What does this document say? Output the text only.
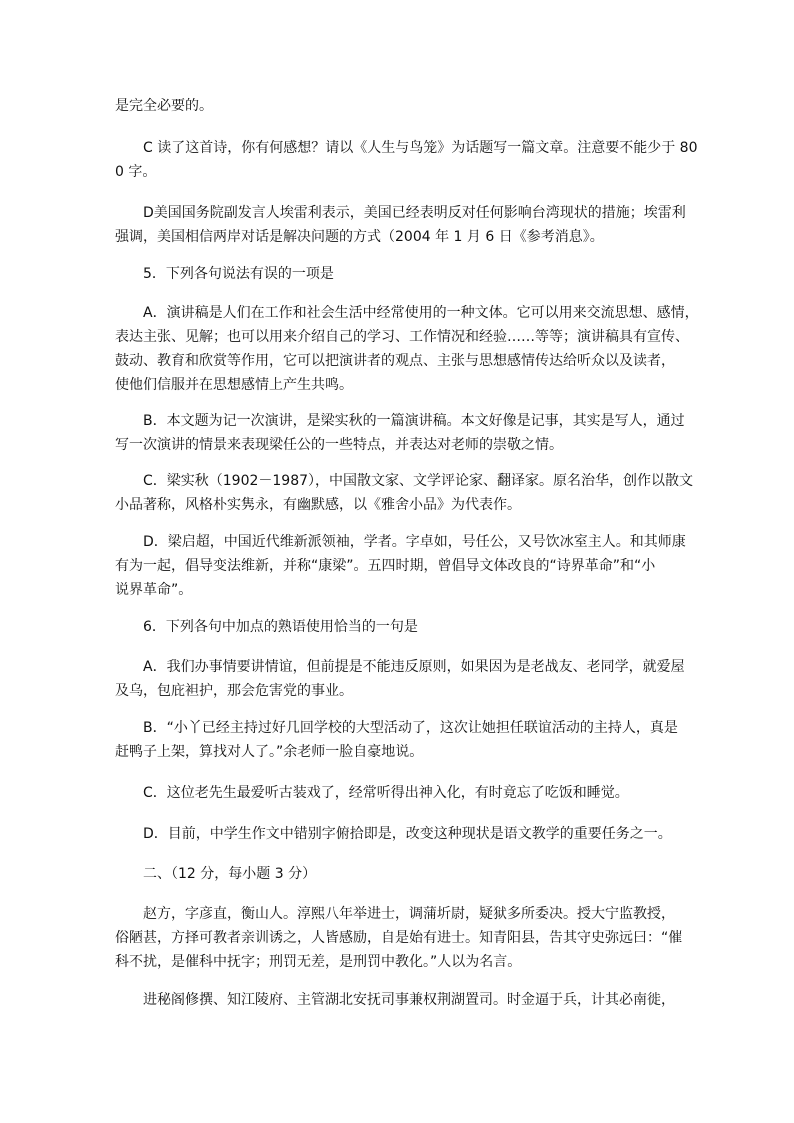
是完全必要的。
C 读了这首诗，你有何感想？请以《人生与鸟笼》为话题写一篇文章。注意要不能少于 80
0 字。
D美国国务院副发言人埃雷利表示，美国已经表明反对任何影响台湾现状的措施；埃雷利
强调，美国相信两岸对话是解决问题的方式（2004 年 1 月 6 日《参考消息》。
5．下列各句说法有误的一项是
A．演讲稿是人们在工作和社会生活中经常使用的一种文体。它可以用来交流思想、感情，
表达主张、见解；也可以用来介绍自己的学习、工作情况和经验……等等；演讲稿具有宣传、
鼓动、教育和欣赏等作用，它可以把演讲者的观点、主张与思想感情传达给听众以及读者，
使他们信服并在思想感情上产生共鸣。
B．本文题为记一次演讲，是梁实秋的一篇演讲稿。本文好像是记事，其实是写人，通过
写一次演讲的情景来表现梁任公的一些特点，并表达对老师的崇敬之情。
C．梁实秋（1902－1987），中国散文家、文学评论家、翻译家。原名治华，创作以散文
小品著称，风格朴实隽永，有幽默感，以《雅舍小品》为代表作。
D．梁启超，中国近代维新派领袖，学者。字卓如，号任公，又号饮冰室主人。和其师康
有为一起，倡导变法维新，并称“康梁”。五四时期，曾倡导文体改良的“诗界革命”和“小
说界革命”。
6．下列各句中加点的熟语使用恰当的一句是
A．我们办事情要讲情谊，但前提是不能违反原则，如果因为是老战友、老同学，就爱屋
及乌，包庇袒护，那会危害党的事业。
B．“小丫已经主持过好几回学校的大型活动了，这次让她担任联谊活动的主持人，真是
赶鸭子上架，算找对人了。”余老师一脸自豪地说。
C．这位老先生最爱听古装戏了，经常听得出神入化，有时竟忘了吃饭和睡觉。
D．目前，中学生作文中错别字俯拾即是，改变这种现状是语文教学的重要任务之一。
二、（12 分，每小题 3 分）
赵方，字彦直，衡山人。淳熙八年举进士，调蒲圻尉，疑狱多所委决。授大宁监教授，
俗陋甚，方择可教者亲训诱之，人皆感励，自是始有进士。知青阳县，告其守史弥远曰：“催
科不扰，是催科中抚字；刑罚无差，是刑罚中教化。”人以为名言。
进秘阁修撰、知江陵府、主管湖北安抚司事兼权荆湖置司。时金逼于兵，计其必南徙，
